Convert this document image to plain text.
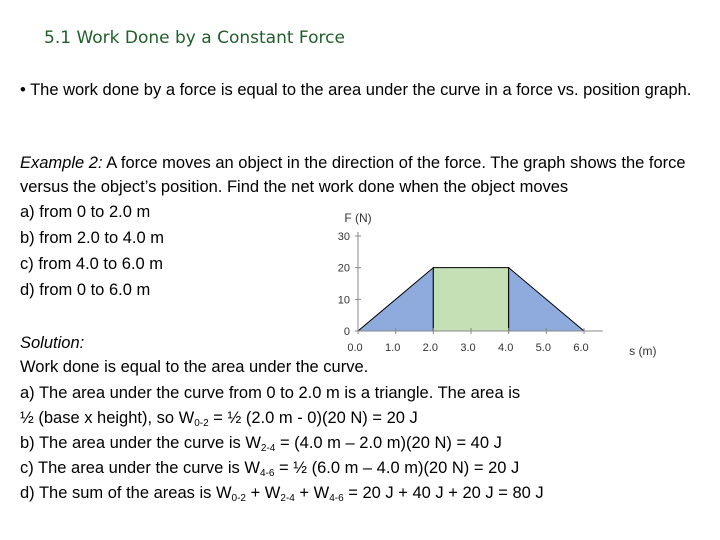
5.1 Work Done by a Constant Force
• The work done by a force is equal to the area under the curve in a force vs. position graph.
Example 2: A force moves an object in the direction of the force. The graph shows the force versus the object’s position. Find the net work done when the object moves
a) from 0 to 2.0 m
b) from 2.0 to 4.0 m
c) from 4.0 to 6.0 m
d) from 0 to 6.0 m
0
10
20
30
0.0 1.0 2.0 3.0 4.0 5.0 6.0
F (N)
s (m)
Solution:
Work done is equal to the area under the curve.
a) The area under the curve from 0 to 2.0 m is a triangle. The area is
½ (base x height), so $W_{0-2}$ = ½ (2.0 m - 0)(20 N) = 20 J
b) The area under the curve is $W_{2-4} = (4.0$ m – 2.0 m)(20 N) = 40 J
c) The area under the curve is $W_{4-6}$ = ½ (6.0 m – 4.0 m)(20 N) = 20 J
d) The sum of the areas is $W_{0-2} + W_{2-4} + W_{4-6} = 20$ J + 40 J + 20 J = 80 J
